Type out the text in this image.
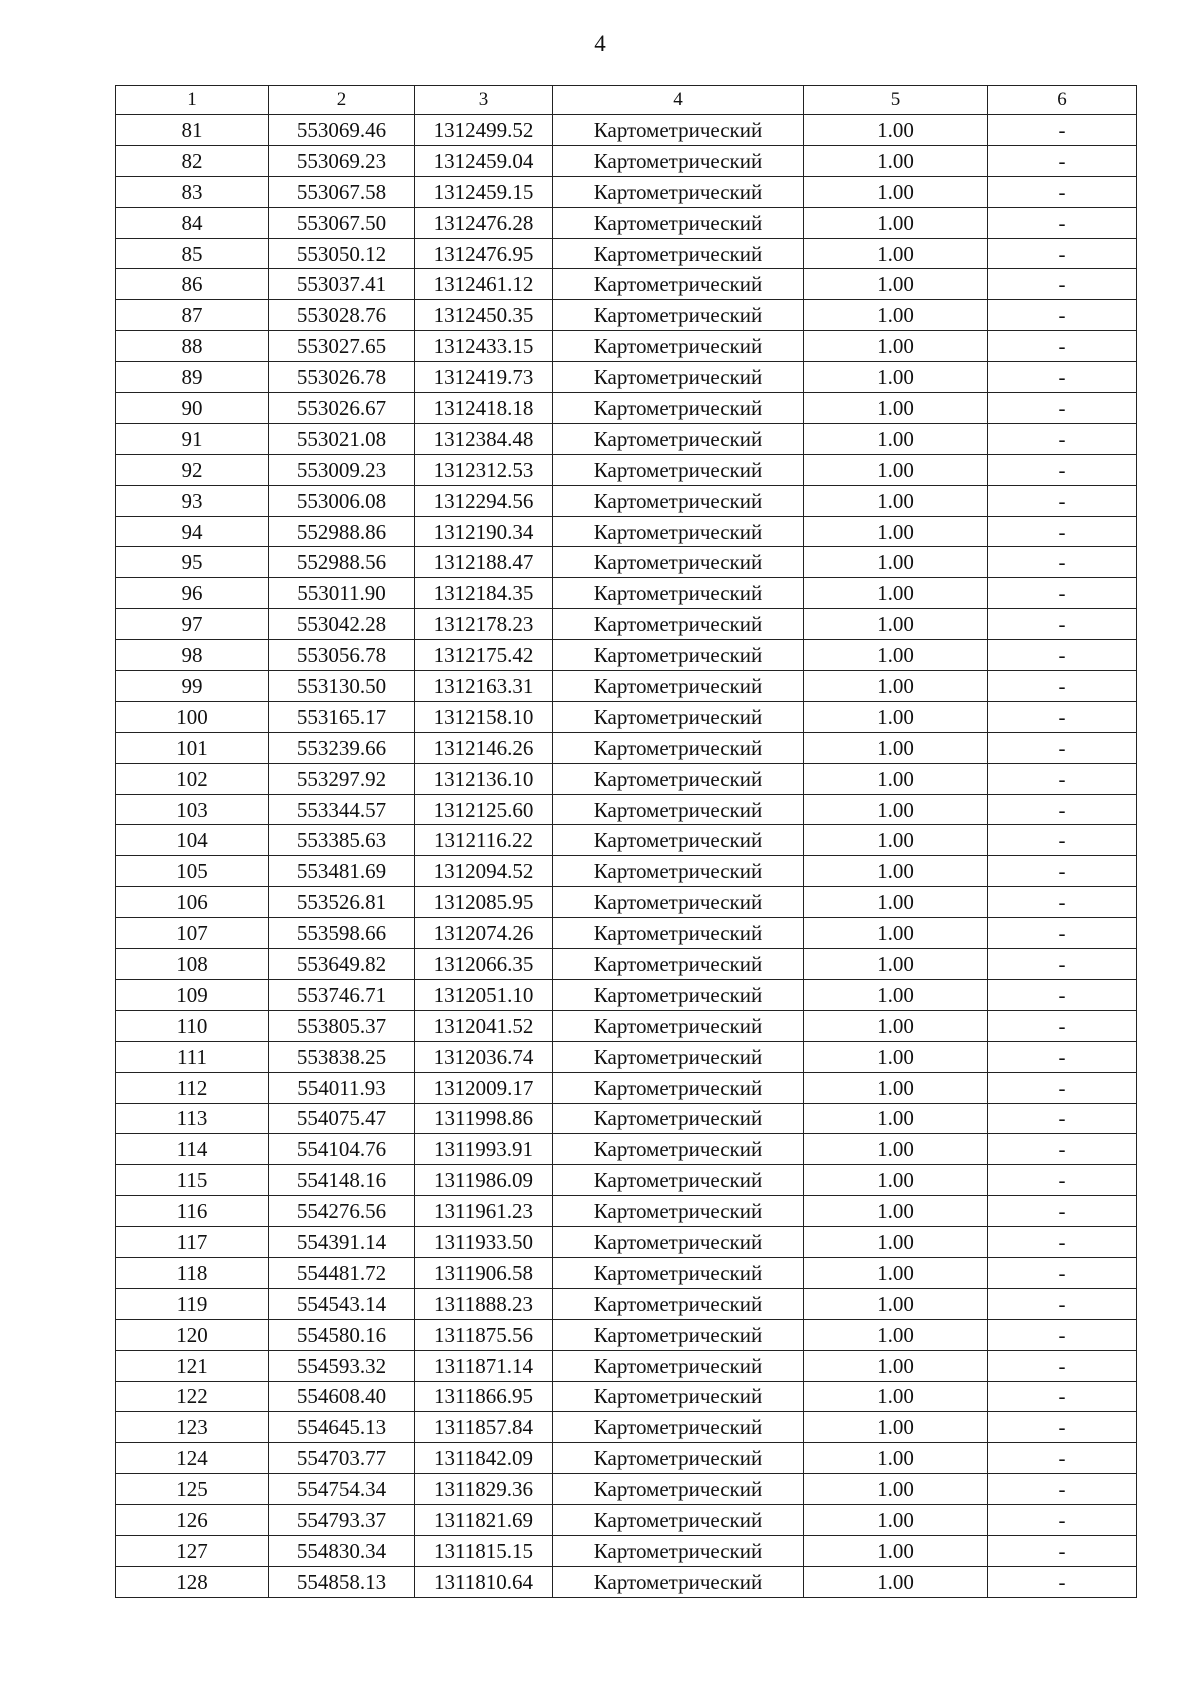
4
1	2	3	4	5	6
81	553069.46	1312499.52	Картометрический	1.00	-
82	553069.23	1312459.04	Картометрический	1.00	-
83	553067.58	1312459.15	Картометрический	1.00	-
84	553067.50	1312476.28	Картометрический	1.00	-
85	553050.12	1312476.95	Картометрический	1.00	-
86	553037.41	1312461.12	Картометрический	1.00	-
87	553028.76	1312450.35	Картометрический	1.00	-
88	553027.65	1312433.15	Картометрический	1.00	-
89	553026.78	1312419.73	Картометрический	1.00	-
90	553026.67	1312418.18	Картометрический	1.00	-
91	553021.08	1312384.48	Картометрический	1.00	-
92	553009.23	1312312.53	Картометрический	1.00	-
93	553006.08	1312294.56	Картометрический	1.00	-
94	552988.86	1312190.34	Картометрический	1.00	-
95	552988.56	1312188.47	Картометрический	1.00	-
96	553011.90	1312184.35	Картометрический	1.00	-
97	553042.28	1312178.23	Картометрический	1.00	-
98	553056.78	1312175.42	Картометрический	1.00	-
99	553130.50	1312163.31	Картометрический	1.00	-
100	553165.17	1312158.10	Картометрический	1.00	-
101	553239.66	1312146.26	Картометрический	1.00	-
102	553297.92	1312136.10	Картометрический	1.00	-
103	553344.57	1312125.60	Картометрический	1.00	-
104	553385.63	1312116.22	Картометрический	1.00	-
105	553481.69	1312094.52	Картометрический	1.00	-
106	553526.81	1312085.95	Картометрический	1.00	-
107	553598.66	1312074.26	Картометрический	1.00	-
108	553649.82	1312066.35	Картометрический	1.00	-
109	553746.71	1312051.10	Картометрический	1.00	-
110	553805.37	1312041.52	Картометрический	1.00	-
111	553838.25	1312036.74	Картометрический	1.00	-
112	554011.93	1312009.17	Картометрический	1.00	-
113	554075.47	1311998.86	Картометрический	1.00	-
114	554104.76	1311993.91	Картометрический	1.00	-
115	554148.16	1311986.09	Картометрический	1.00	-
116	554276.56	1311961.23	Картометрический	1.00	-
117	554391.14	1311933.50	Картометрический	1.00	-
118	554481.72	1311906.58	Картометрический	1.00	-
119	554543.14	1311888.23	Картометрический	1.00	-
120	554580.16	1311875.56	Картометрический	1.00	-
121	554593.32	1311871.14	Картометрический	1.00	-
122	554608.40	1311866.95	Картометрический	1.00	-
123	554645.13	1311857.84	Картометрический	1.00	-
124	554703.77	1311842.09	Картометрический	1.00	-
125	554754.34	1311829.36	Картометрический	1.00	-
126	554793.37	1311821.69	Картометрический	1.00	-
127	554830.34	1311815.15	Картометрический	1.00	-
128	554858.13	1311810.64	Картометрический	1.00	-
